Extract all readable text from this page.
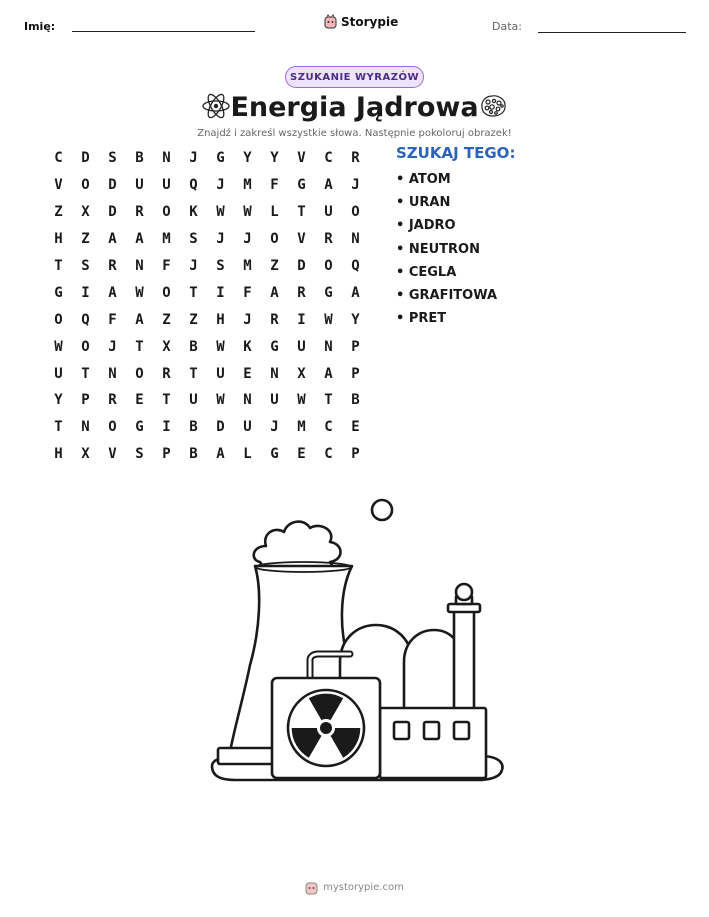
Imię:	Storypie	Data:
SZUKANIE WYRAZÓW
Energia Jądrowa
Znajdź i zakreśl wszystkie słowa. Następnie pokoloruj obrazek!
C	D	S	B	N	J	G	Y	Y	V	C	R
V	O	D	U	U	Q	J	M	F	G	A	J
Z	X	D	R	O	K	W	W	L	T	U	O
H	Z	A	A	M	S	J	J	O	V	R	N
T	S	R	N	F	J	S	M	Z	D	O	Q
G	I	A	W	O	T	I	F	A	R	G	A
O	Q	F	A	Z	Z	H	J	R	I	W	Y
W	O	J	T	X	B	W	K	G	U	N	P
U	T	N	O	R	T	U	E	N	X	A	P
Y	P	R	E	T	U	W	N	U	W	T	B
T	N	O	G	I	B	D	U	J	M	C	E
H	X	V	S	P	B	A	L	G	E	C	P
SZUKAJ TEGO:
• ATOM
• URAN
• JADRO
• NEUTRON
• CEGLA
• GRAFITOWA
• PRET
mystorypie.com
